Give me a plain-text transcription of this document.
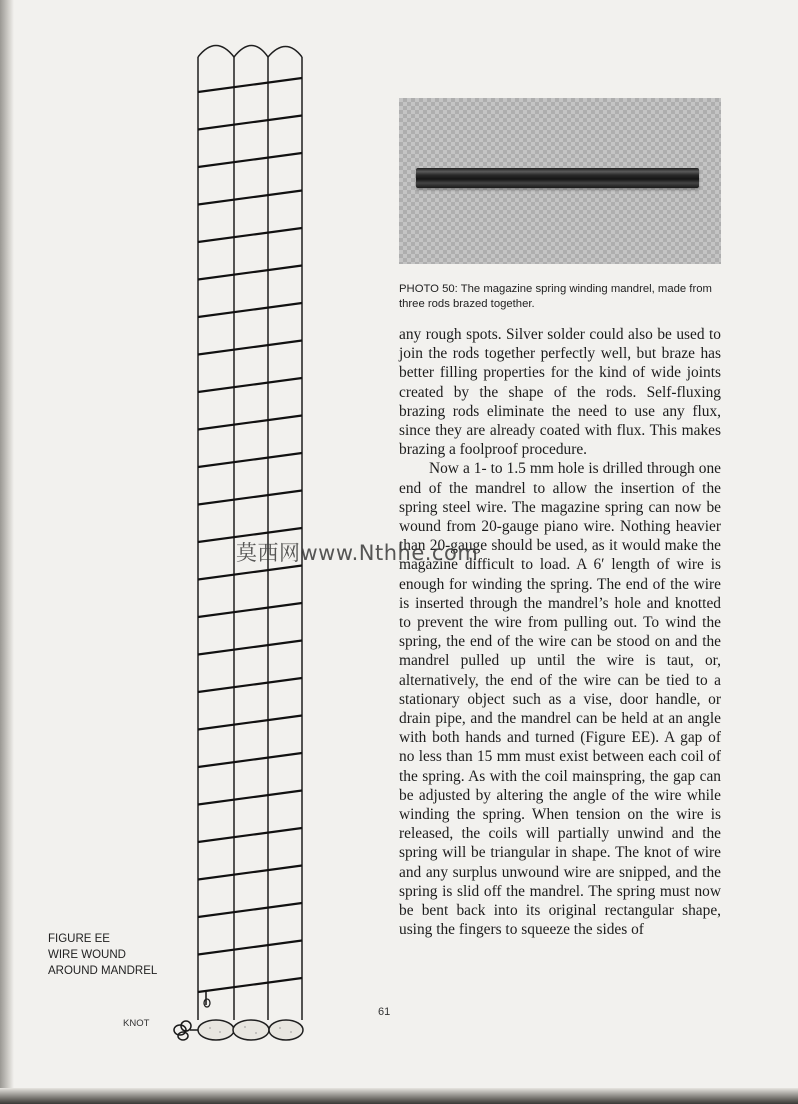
PHOTO 50: The magazine spring winding mandrel, made from three rods brazed together.

any rough spots. Silver solder could also be used to join the rods together perfectly well, but braze has better filling properties for the kind of wide joints created by the shape of the rods. Self-fluxing brazing rods eliminate the need to use any flux, since they are already coated with flux. This makes brazing a foolproof procedure.

Now a 1- to 1.5 mm hole is drilled through one end of the mandrel to allow the insertion of the spring steel wire. The magazine spring can now be wound from 20-gauge piano wire. Nothing heavier than 20-gauge should be used, as it would make the magazine difficult to load. A 6′ length of wire is enough for winding the spring. The end of the wire is inserted through the mandrel’s hole and knotted to prevent the wire from pulling out. To wind the spring, the end of the wire can be stood on and the mandrel pulled up until the wire is taut, or, alternatively, the end of the wire can be tied to a stationary object such as a vise, door handle, or drain pipe, and the mandrel can be held at an angle with both hands and turned (Figure EE). A gap of no less than 15 mm must exist between each coil of the spring. As with the coil mainspring, the gap can be adjusted by altering the angle of the wire while winding the spring. When tension on the wire is released, the coils will partially unwind and the spring will be triangular in shape. The knot of wire and any surplus unwound wire are snipped, and the spring is slid off the mandrel. The spring must now be bent back into its original rectangular shape, using the fingers to squeeze the sides of

FIGURE EE
WIRE WOUND
AROUND MANDREL
KNOT
61
莫西网www.Nthhe.com
